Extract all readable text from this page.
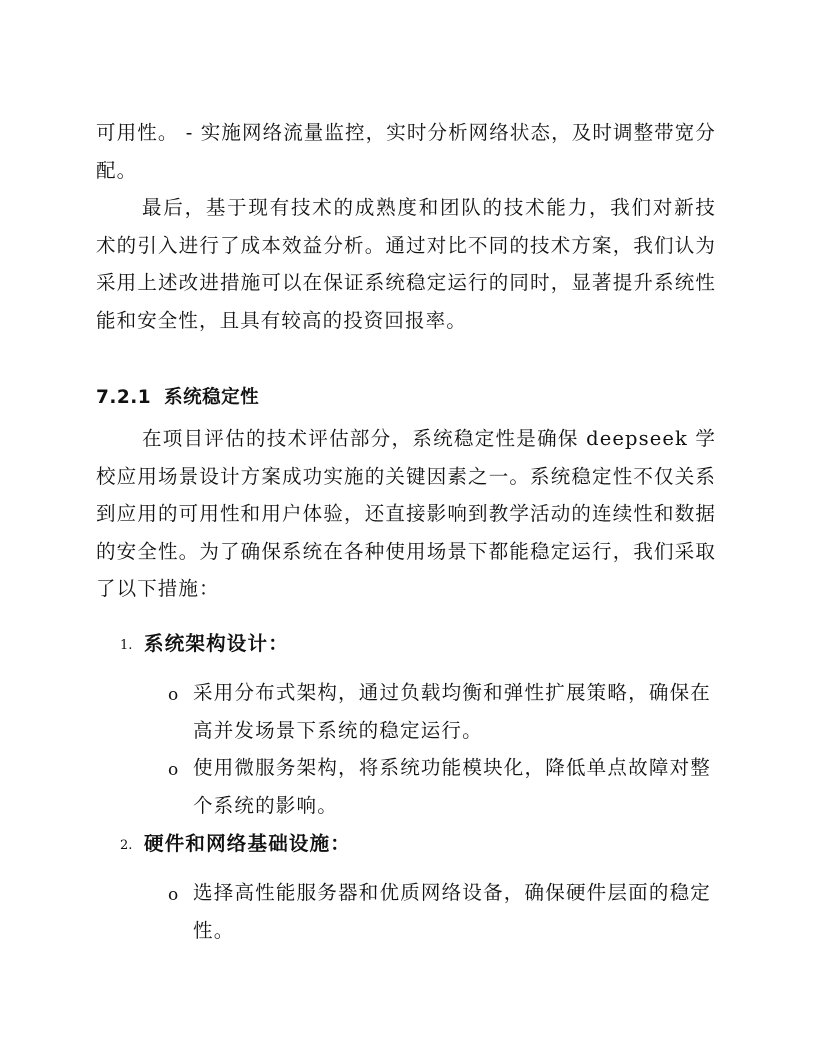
可用性。 - 实施网络流量监控，实时分析网络状态，及时调整带宽分配。

最后，基于现有技术的成熟度和团队的技术能力，我们对新技术的引入进行了成本效益分析。通过对比不同的技术方案，我们认为采用上述改进措施可以在保证系统稳定运行的同时，显著提升系统性能和安全性，且具有较高的投资回报率。

7.2.1 系统稳定性

在项目评估的技术评估部分，系统稳定性是确保 deepseek 学校应用场景设计方案成功实施的关键因素之一。系统稳定性不仅关系到应用的可用性和用户体验，还直接影响到教学活动的连续性和数据的安全性。为了确保系统在各种使用场景下都能稳定运行，我们采取了以下措施：

1. 系统架构设计：
o 采用分布式架构，通过负载均衡和弹性扩展策略，确保在高并发场景下系统的稳定运行。

o 使用微服务架构，将系统功能模块化，降低单点故障对整个系统的影响。

2. 硬件和网络基础设施：
o 选择高性能服务器和优质网络设备，确保硬件层面的稳定性。
